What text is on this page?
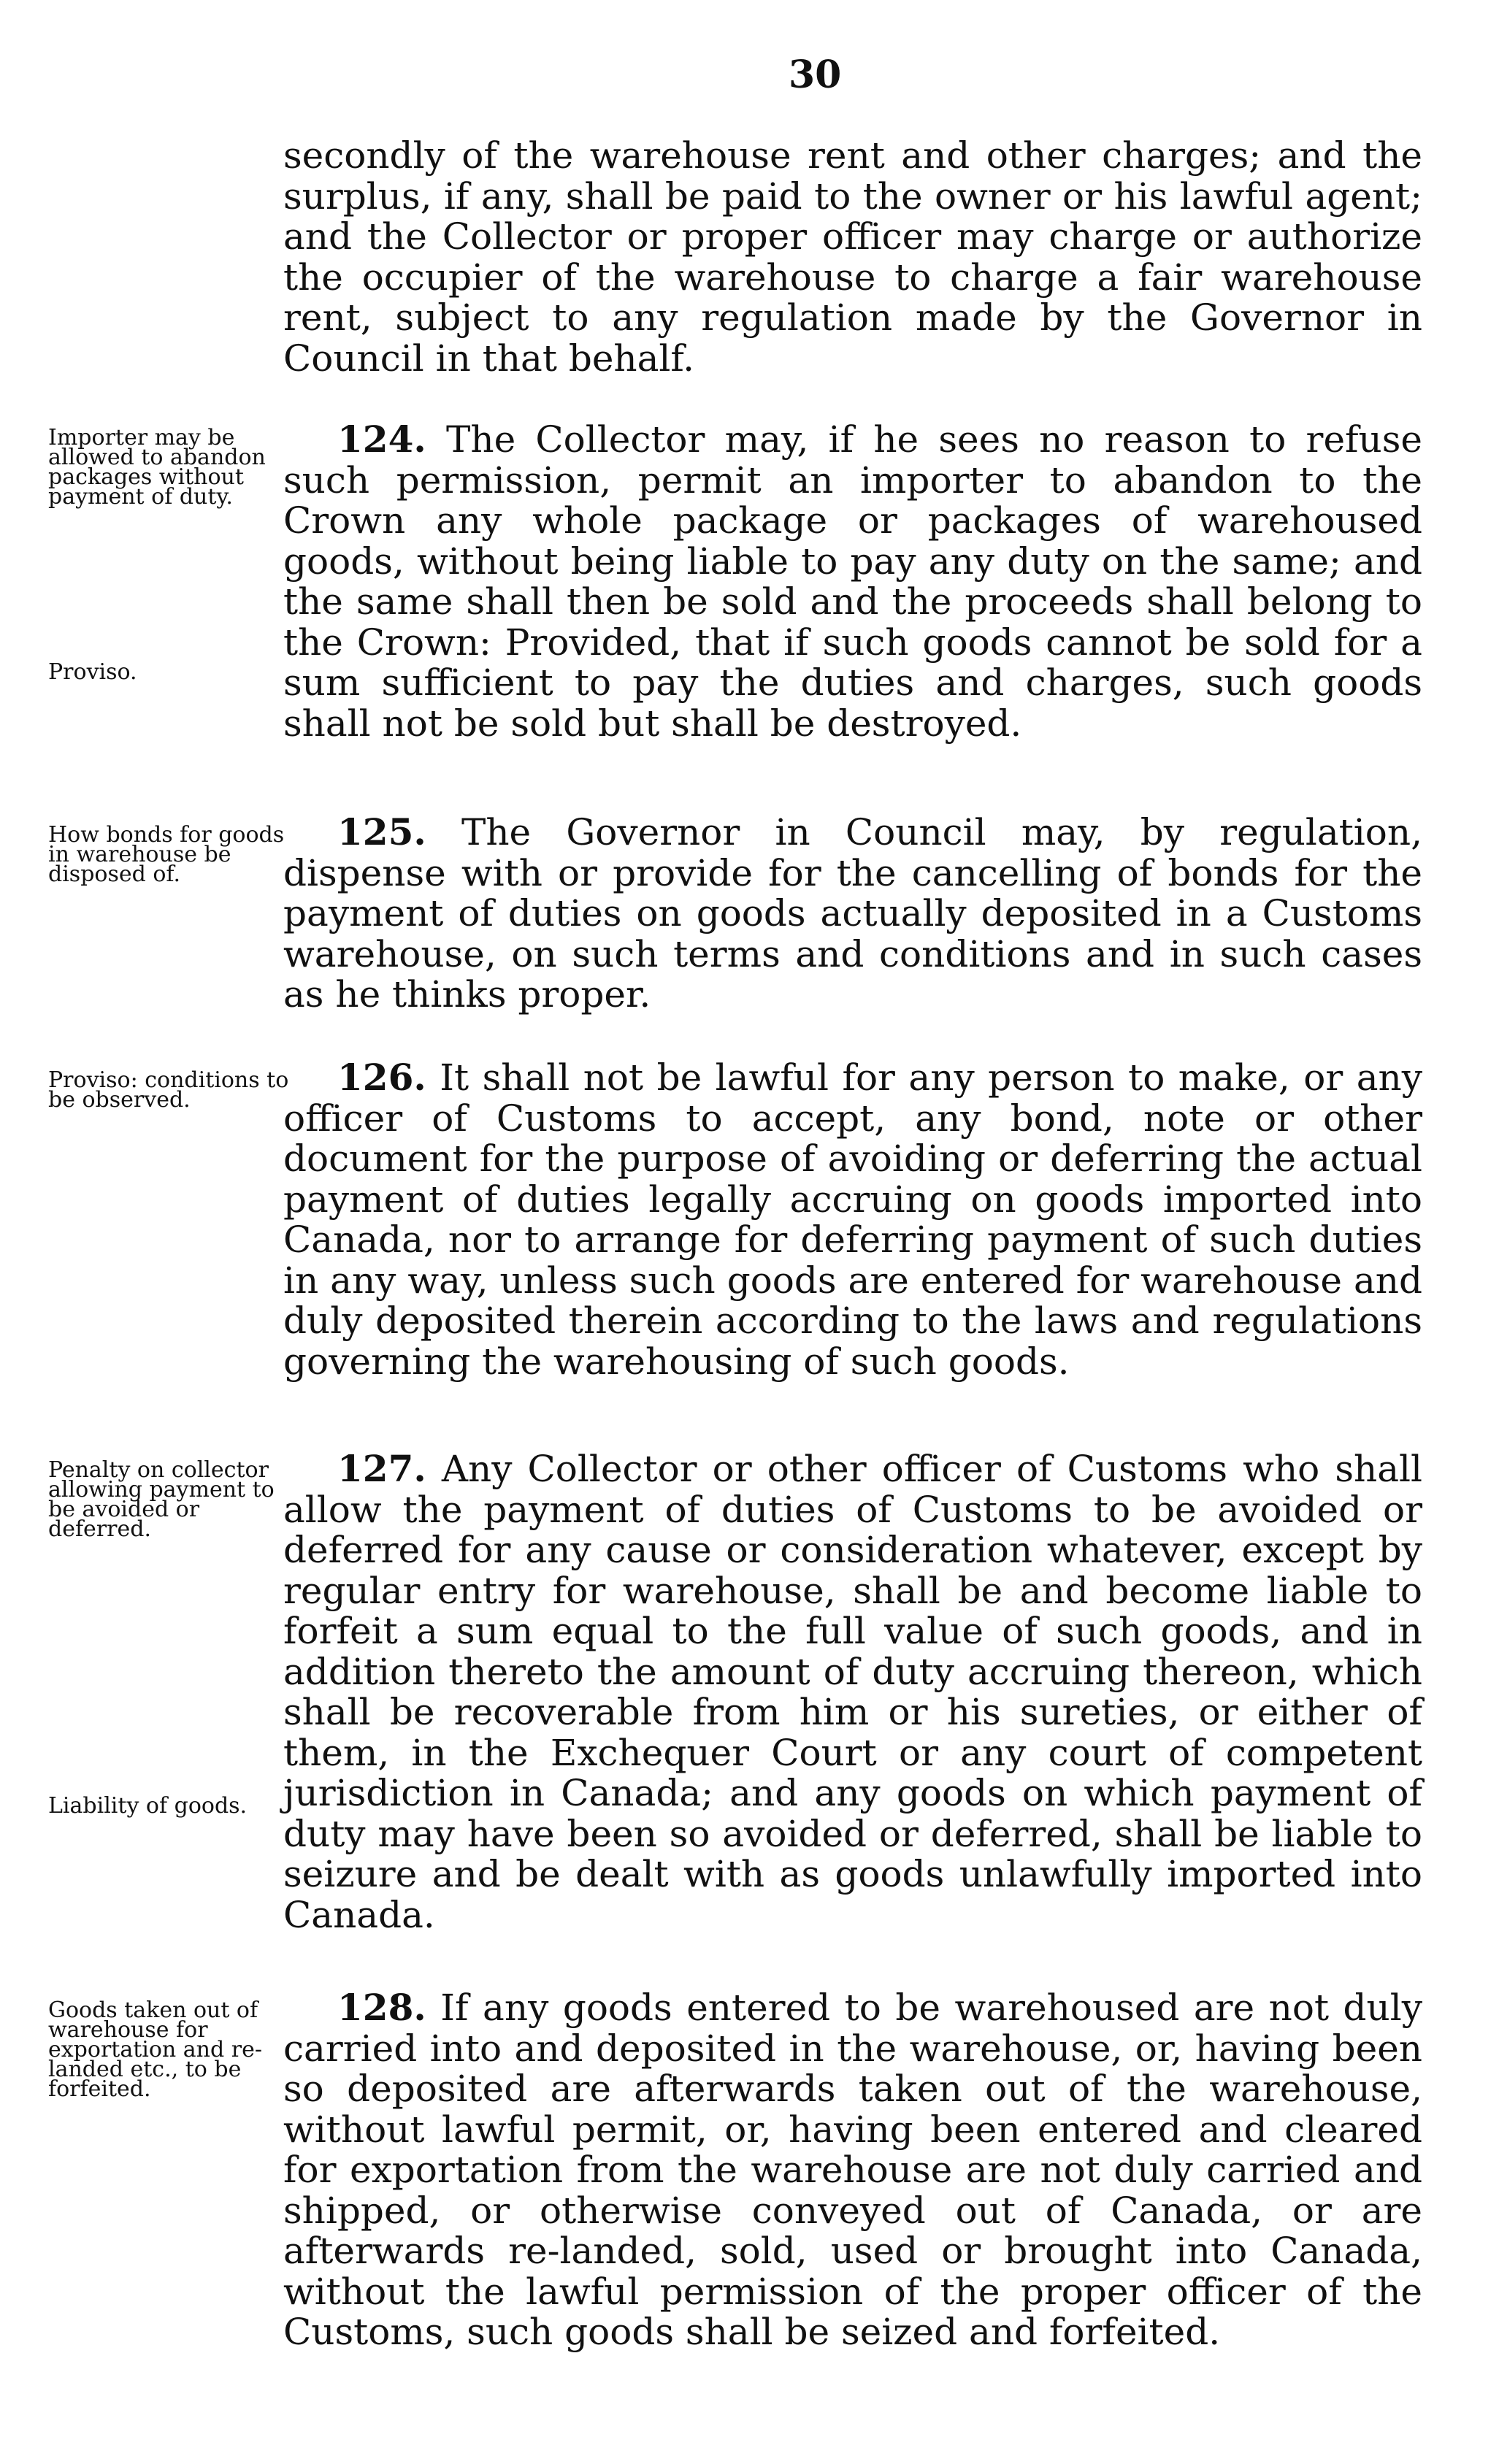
30
secondly of the warehouse rent and other charges; and the surplus, if any, shall be paid to the owner or his lawful agent; and the Collector or proper officer may charge or authorize the occupier of the warehouse to charge a fair warehouse rent, subject to any regulation made by the Governor in Council in that behalf.
Importer may be allowed to abandon packages without payment of duty.
Proviso.
124. The Collector may, if he sees no reason to refuse such permission, permit an importer to abandon to the Crown any whole package or packages of warehoused goods, without being liable to pay any duty on the same; and the same shall then be sold and the proceeds shall belong to the Crown: Provided, that if such goods cannot be sold for a sum sufficient to pay the duties and charges, such goods shall not be sold but shall be destroyed.
How bonds for goods in warehouse be disposed of.
125. The Governor in Council may, by regulation, dispense with or provide for the cancelling of bonds for the payment of duties on goods actually deposited in a Customs warehouse, on such terms and conditions and in such cases as he thinks proper.
Proviso: conditions to be observed.
126. It shall not be lawful for any person to make, or any officer of Customs to accept, any bond, note or other document for the purpose of avoiding or deferring the actual payment of duties legally accruing on goods imported into Canada, nor to arrange for deferring payment of such duties in any way, unless such goods are entered for warehouse and duly deposited therein according to the laws and regulations governing the warehousing of such goods.
Penalty on collector allowing payment to be avoided or deferred.
Liability of goods.
127. Any Collector or other officer of Customs who shall allow the payment of duties of Customs to be avoided or deferred for any cause or consideration whatever, except by regular entry for warehouse, shall be and become liable to forfeit a sum equal to the full value of such goods, and in addition thereto the amount of duty accruing thereon, which shall be recoverable from him or his sureties, or either of them, in the Exchequer Court or any court of competent jurisdiction in Canada; and any goods on which payment of duty may have been so avoided or deferred, shall be liable to seizure and be dealt with as goods unlawfully imported into Canada.
Goods taken out of warehouse for exportation and re-landed etc., to be forfeited.
128. If any goods entered to be warehoused are not duly carried into and deposited in the warehouse, or, having been so deposited are afterwards taken out of the warehouse, without lawful permit, or, having been entered and cleared for exportation from the warehouse are not duly carried and shipped, or otherwise conveyed out of Canada, or are afterwards re-landed, sold, used or brought into Canada, without the lawful permission of the proper officer of the Customs, such goods shall be seized and forfeited.
